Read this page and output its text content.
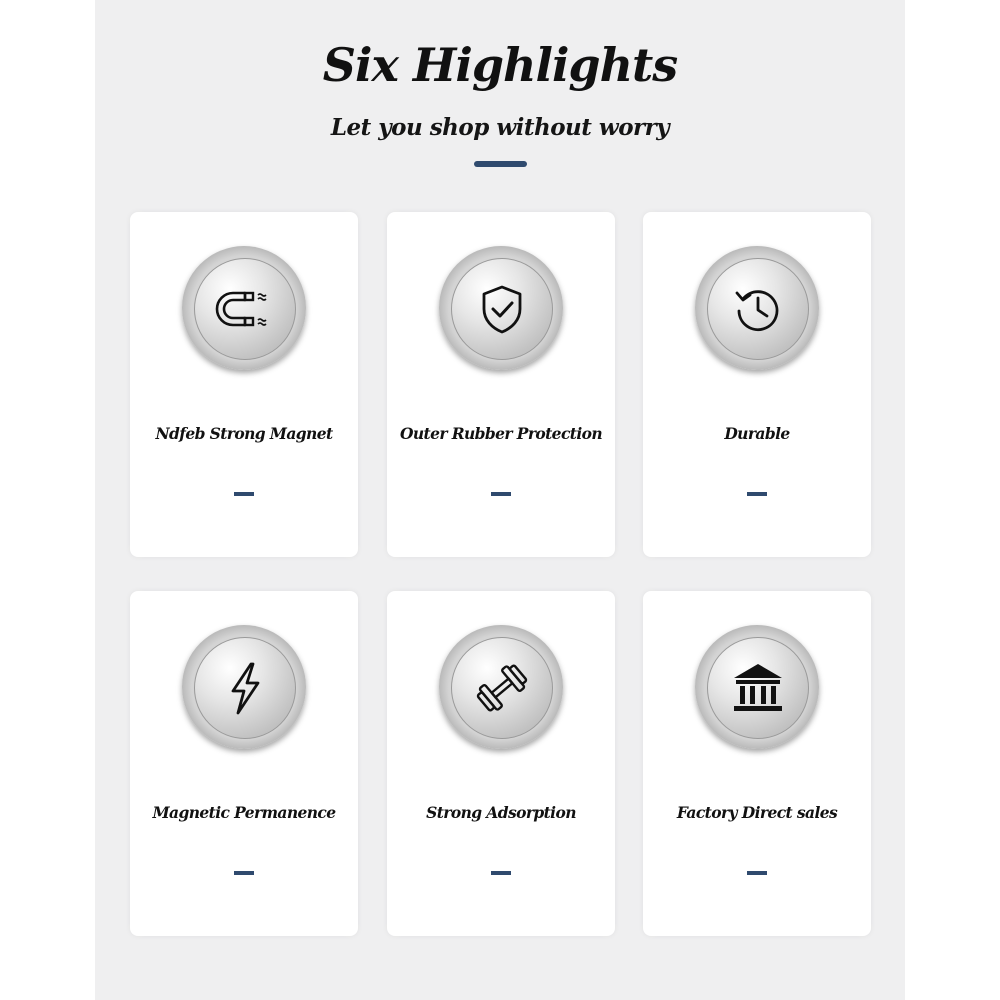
Six Highlights
Let you shop without worry
Ndfeb Strong Magnet	Outer Rubber Protection	Durable
Magnetic Permanence	Strong Adsorption	Factory Direct sales
